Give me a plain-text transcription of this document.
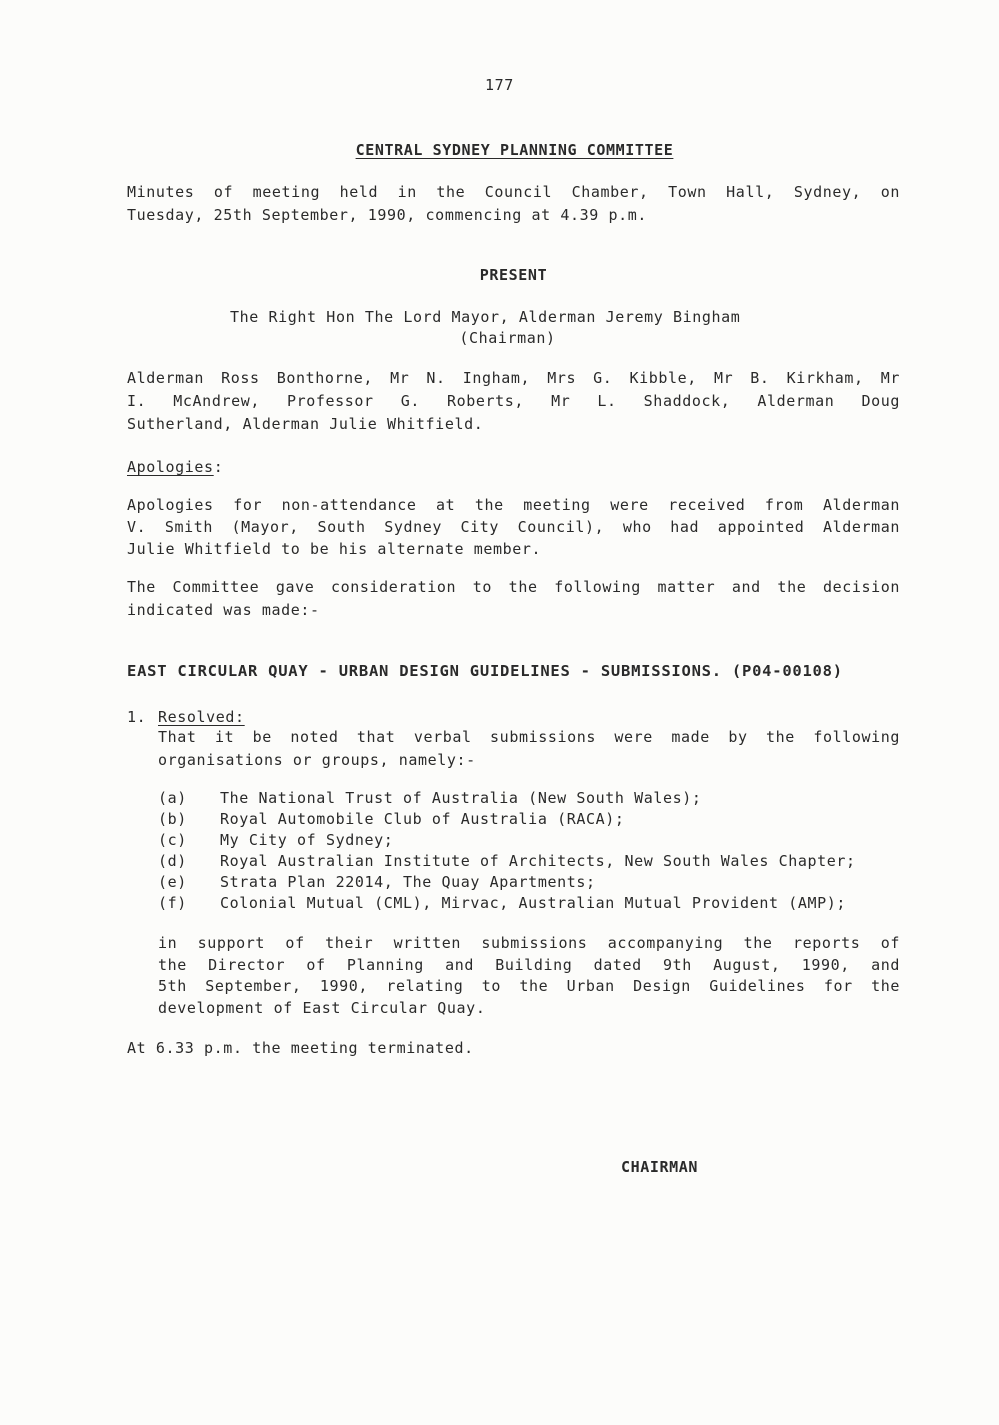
177
CENTRAL SYDNEY PLANNING COMMITTEE
Minutes of meeting held in the Council Chamber, Town Hall, Sydney, on
Tuesday, 25th September, 1990, commencing at 4.39 p.m.
PRESENT
The Right Hon The Lord Mayor, Alderman Jeremy Bingham
(Chairman)
Alderman Ross Bonthorne, Mr N. Ingham, Mrs G. Kibble, Mr B. Kirkham, Mr
I. McAndrew, Professor G. Roberts, Mr L. Shaddock, Alderman Doug
Sutherland, Alderman Julie Whitfield.
Apologies:
Apologies for non-attendance at the meeting were received from Alderman
V. Smith (Mayor, South Sydney City Council), who had appointed Alderman
Julie Whitfield to be his alternate member.
The Committee gave consideration to the following matter and the decision
indicated was made:-
EAST CIRCULAR QUAY - URBAN DESIGN GUIDELINES - SUBMISSIONS. (P04-00108)
1. Resolved:
That it be noted that verbal submissions were made by the following
organisations or groups, namely:-
(a) The National Trust of Australia (New South Wales);
(b) Royal Automobile Club of Australia (RACA);
(c) My City of Sydney;
(d) Royal Australian Institute of Architects, New South Wales Chapter;
(e) Strata Plan 22014, The Quay Apartments;
(f) Colonial Mutual (CML), Mirvac, Australian Mutual Provident (AMP);
in support of their written submissions accompanying the reports of
the Director of Planning and Building dated 9th August, 1990, and
5th September, 1990, relating to the Urban Design Guidelines for the
development of East Circular Quay.
At 6.33 p.m. the meeting terminated.
CHAIRMAN
